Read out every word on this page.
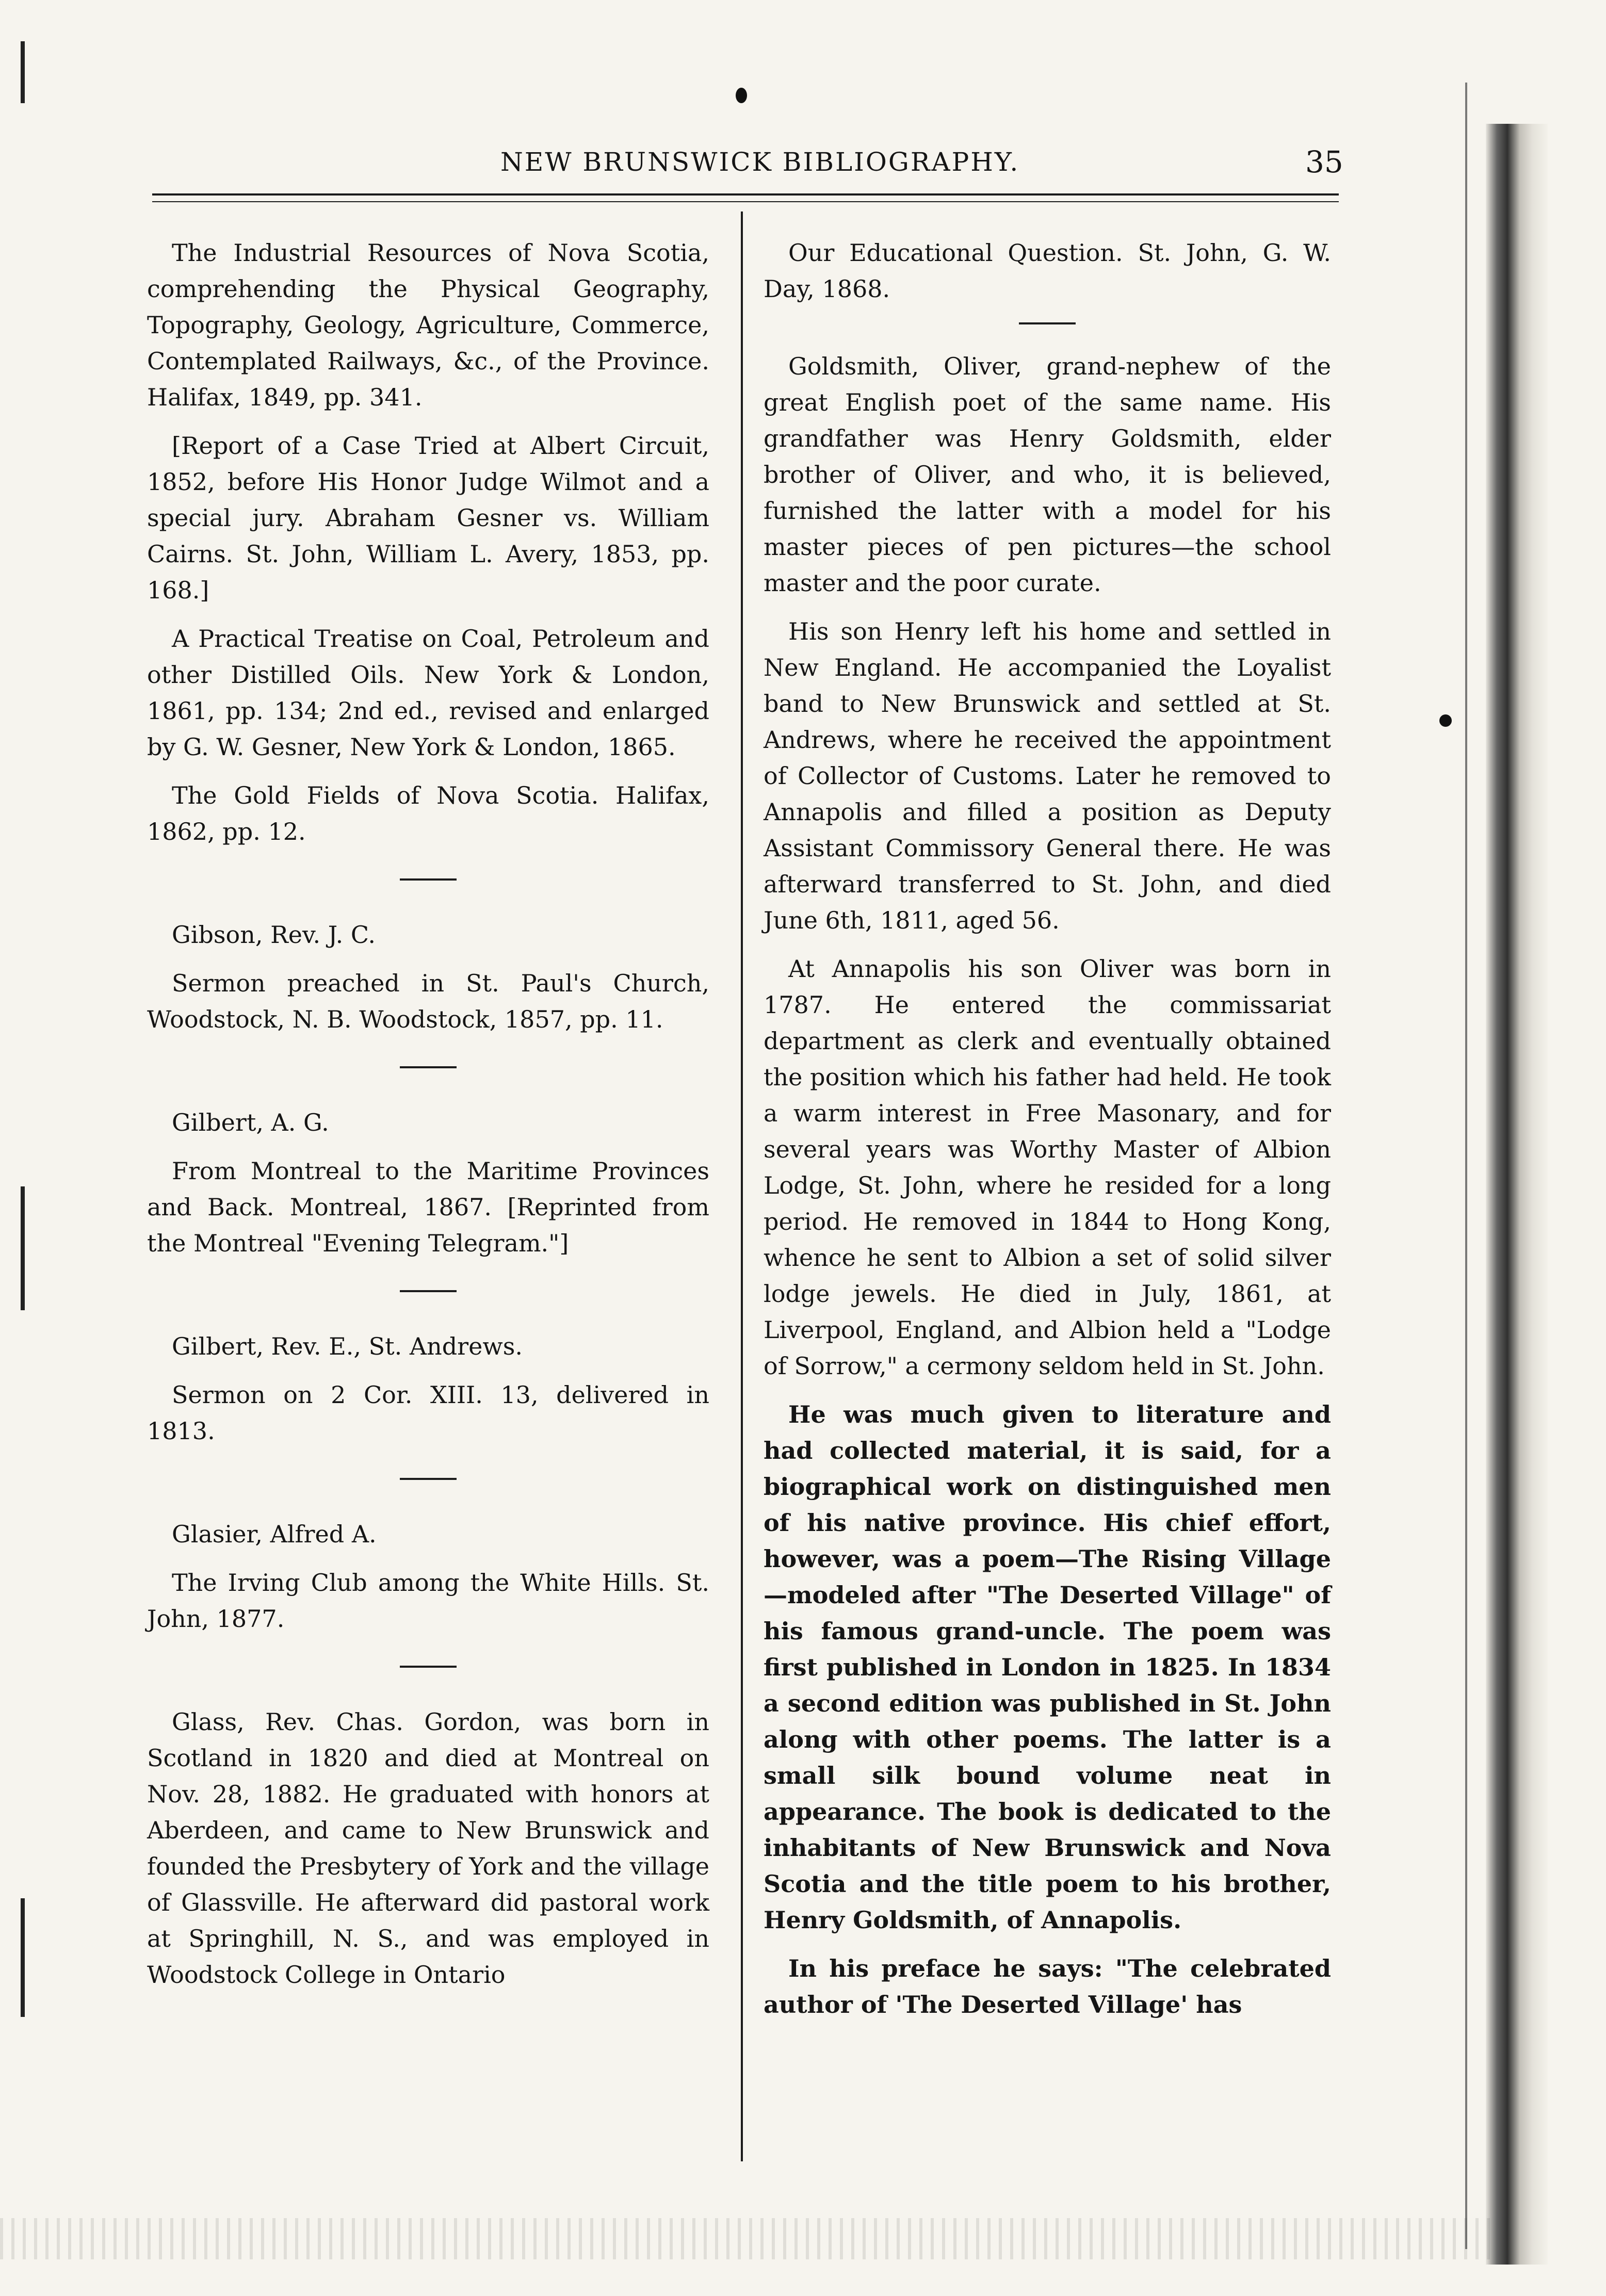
NEW BRUNSWICK BIBLIOGRAPHY.	35

The Industrial Resources of Nova Scotia, comprehending the Physical Geography, Topography, Geology, Agriculture, Commerce, Contemplated Railways, &c., of the Province. Halifax, 1849, pp. 341.

[Report of a Case Tried at Albert Circuit, 1852, before His Honor Judge Wilmot and a special jury. Abraham Gesner vs. William Cairns. St. John, William L. Avery, 1853, pp. 168.]

A Practical Treatise on Coal, Petroleum and other Distilled Oils. New York & London, 1861, pp. 134; 2nd ed., revised and enlarged by G. W. Gesner, New York & London, 1865.

The Gold Fields of Nova Scotia. Halifax, 1862, pp. 12.

Gibson, Rev. J. C.

Sermon preached in St. Paul's Church, Woodstock, N. B. Woodstock, 1857, pp. 11.

Gilbert, A. G.

From Montreal to the Maritime Provinces and Back. Montreal, 1867. [Reprinted from the Montreal "Evening Telegram."]

Gilbert, Rev. E., St. Andrews.

Sermon on 2 Cor. XIII. 13, delivered in 1813.

Glasier, Alfred A.

The Irving Club among the White Hills. St. John, 1877.

Glass, Rev. Chas. Gordon, was born in Scotland in 1820 and died at Montreal on Nov. 28, 1882. He graduated with honors at Aberdeen, and came to New Brunswick and founded the Presbytery of York and the village of Glassville. He afterward did pastoral work at Springhill, N. S., and was employed in Woodstock College in Ontario

Our Educational Question. St. John, G. W. Day, 1868.

Goldsmith, Oliver, grand-nephew of the great English poet of the same name. His grandfather was Henry Goldsmith, elder brother of Oliver, and who, it is believed, furnished the latter with a model for his master pieces of pen pictures—the school master and the poor curate.

His son Henry left his home and settled in New England. He accompanied the Loyalist band to New Brunswick and settled at St. Andrews, where he received the appointment of Collector of Customs. Later he removed to Annapolis and filled a position as Deputy Assistant Commissory General there. He was afterward transferred to St. John, and died June 6th, 1811, aged 56.

At Annapolis his son Oliver was born in 1787. He entered the commissariat department as clerk and eventually obtained the position which his father had held. He took a warm interest in Free Masonary, and for several years was Worthy Master of Albion Lodge, St. John, where he resided for a long period. He removed in 1844 to Hong Kong, whence he sent to Albion a set of solid silver lodge jewels. He died in July, 1861, at Liverpool, England, and Albion held a "Lodge of Sorrow," a cermony seldom held in St. John.

He was much given to literature and had collected material, it is said, for a biographical work on distinguished men of his native province. His chief effort, however, was a poem—The Rising Village—modeled after "The Deserted Village" of his famous grand-uncle. The poem was first published in London in 1825. In 1834 a second edition was published in St. John along with other poems. The latter is a small silk bound volume neat in appearance. The book is dedicated to the inhabitants of New Brunswick and Nova Scotia and the title poem to his brother, Henry Goldsmith, of Annapolis.

In his preface he says: "The celebrated author of 'The Deserted Village' has
